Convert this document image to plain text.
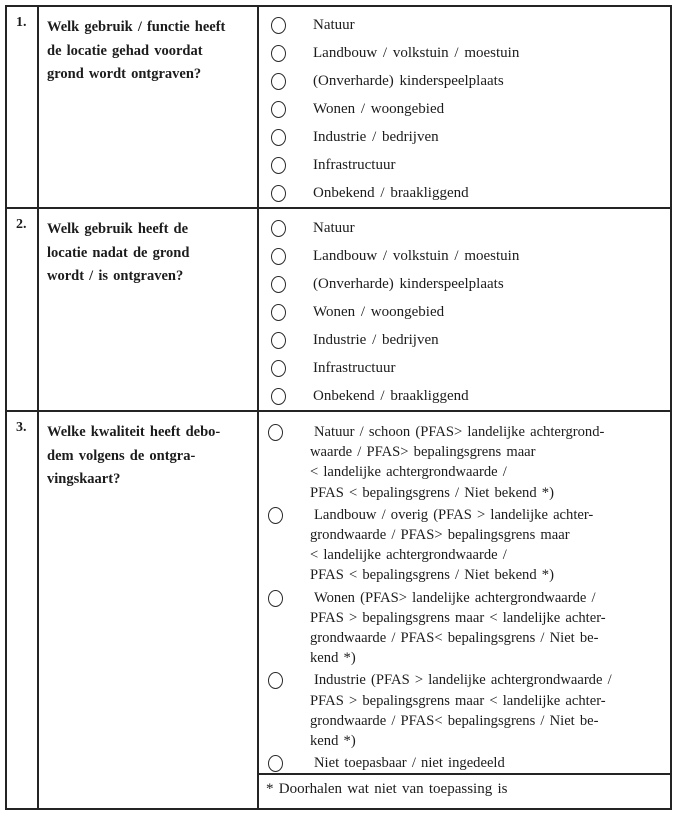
1.	Welk gebruik / functie heeft
de locatie gehad voordat
grond wordt ontgraven?
Natuur
Landbouw / volkstuin / moestuin
(Onverharde) kinderspeelplaats
Wonen / woongebied
Industrie / bedrijven
Infrastructuur
Onbekend / braakliggend
2.	Welk gebruik heeft de
locatie nadat de grond
wordt / is ontgraven?
Natuur
Landbouw / volkstuin / moestuin
(Onverharde) kinderspeelplaats
Wonen / woongebied
Industrie / bedrijven
Infrastructuur
Onbekend / braakliggend
3.	Welke kwaliteit heeft debo-
dem volgens de ontgra-
vingskaart?
Natuur / schoon (PFAS> landelijke achtergrond-
waarde / PFAS> bepalingsgrens maar
< landelijke achtergrondwaarde /
PFAS < bepalingsgrens / Niet bekend *)
Landbouw / overig (PFAS > landelijke achter-
grondwaarde / PFAS> bepalingsgrens maar
< landelijke achtergrondwaarde /
PFAS < bepalingsgrens / Niet bekend *)
Wonen (PFAS> landelijke achtergrondwaarde /
PFAS > bepalingsgrens maar < landelijke achter-
grondwaarde / PFAS< bepalingsgrens / Niet be-
kend *)
Industrie (PFAS > landelijke achtergrondwaarde /
PFAS > bepalingsgrens maar < landelijke achter-
grondwaarde / PFAS< bepalingsgrens / Niet be-
kend *)
Niet toepasbaar / niet ingedeeld
* Doorhalen wat niet van toepassing is
